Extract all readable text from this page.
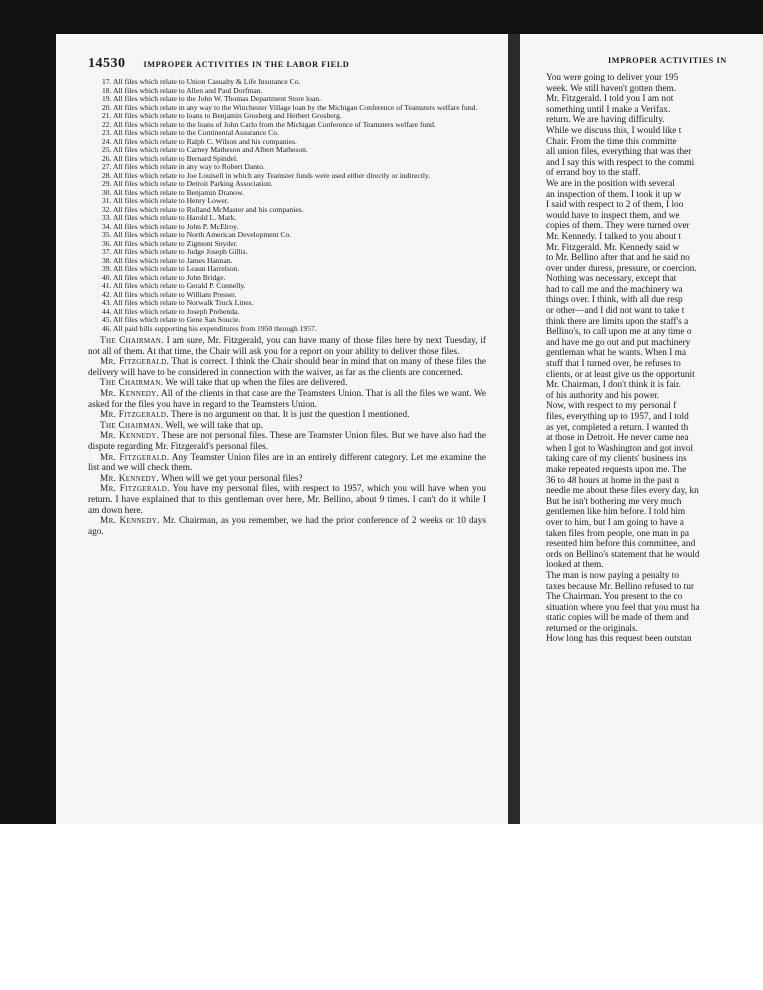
14530 IMPROPER ACTIVITIES IN THE LABOR FIELD
17. All files which relate to Union Casualty & Life Insurance Co.
18. All files which relate to Allen and Paul Dorfman.
19. All files which relate to the John W. Thomas Department Store loan.
20. All files which relate in any way to the Winchester Village loan by the Michigan Conference of Teamsters welfare fund.
21. All files which relate to loans to Benjamin Grosberg and Herbert Grosberg.
22. All files which relate to the loans of John Carlo from the Michigan Conference of Teamsters welfare fund.
23. All files which relate to the Continental Assurance Co.
24. All files which relate to Ralph C. Wilson and his companies.
25. All files which relate to Carney Matheson and Albert Matheson.
26. All files which relate to Bernard Spindel.
27. All files which relate in any way to Robert Danto.
28. All files which relate to Joe Louisell in which any Teamster funds were used either directly or indirectly.
29. All files which relate to Detroit Parking Association.
30. All files which relate to Benjamin Dranow.
31. All files which relate to Henry Lower.
32. All files which relate to Rolland McMaster and his companies.
33. All files which relate to Harold L. Mark.
34. All files which relate to John P. McElroy.
35. All files which relate to North American Development Co.
36. All files which relate to Zigmont Snyder.
37. All files which relate to Judge Joseph Gillis.
38. All files which relate to James Hannan.
39. All files which relate to Leaun Harrelson.
40. All files which relate to John Bridge.
41. All files which relate to Gerald P. Connelly.
42. All files which relate to William Presser.
43. All files which relate to Norwalk Truck Lines.
44. All files which relate to Joseph Prebenda.
45. All files which relate to Gene San Soucie.
46. All paid bills supporting his expenditures from 1950 through 1957.

The Chairman. I am sure, Mr. Fitzgerald, you can have many of those files here by next Tuesday, if not all of them. At that time, the Chair will ask you for a report on your ability to deliver those files.

Mr. Fitzgerald. That is correct. I think the Chair should bear in mind that on many of these files the delivery will have to be considered in connection with the waiver, as far as the clients are concerned.

The Chairman. We will take that up when the files are delivered.

Mr. Kennedy. All of the clients in that case are the Teamsters Union. That is all the files we want. We asked for the files you have in regard to the Teamsters Union.

Mr. Fitzgerald. There is no argument on that. It is just the question I mentioned.

The Chairman. Well, we will take that up.

Mr. Kennedy. These are not personal files. These are Teamster Union files. But we have also had the dispute regarding Mr. Fitzgerald's personal files.

Mr. Fitzgerald. Any Teamster Union files are in an entirely different category. Let me examine the list and we will check them.

Mr. Kennedy. When will we get your personal files?

Mr. Fitzgerald. You have my personal files, with respect to 1957, which you will have when you return. I have explained that to this gentleman over here, Mr. Bellino, about 9 times. I can't do it while I am down here.

Mr. Kennedy. Mr. Chairman, as you remember, we had the prior conference of 2 weeks or 10 days ago.

IMPROPER ACTIVITIES IN
You were going to deliver your 195
week. We still haven't gotten them.
Mr. Fitzgerald. I told you I am not
something until I make a Verifax.
return. We are having difficulty.
While we discuss this, I would like t
Chair. From the time this committe
all union files, everything that was ther
and I say this with respect to the commi
of errand boy to the staff.
We are in the position with several
an inspection of them. I took it up w
I said with respect to 2 of them, I loo
would have to inspect them, and we
copies of them. They were turned over
Mr. Kennedy. I talked to you about t
Mr. Fitzgerald. Mr. Kennedy said w
to Mr. Bellino after that and he said no
over under duress, pressure, or coercion.
Nothing was necessary, except that
had to call me and the machinery wa
things over. I think, with all due resp
or other—and I did not want to take t
think there are limits upon the staff's a
Bellino's, to call upon me at any time o
and have me go out and put machinery
gentleman what he wants. When I ma
stuff that I turned over, he refuses to
clients, or at least give us the opportunit
Mr. Chairman, I don't think it is fair.
of his authority and his power.
Now, with respect to my personal f
files, everything up to 1957, and I told
as yet, completed a return. I wanted th
at those in Detroit. He never came nea
when I got to Washington and got invol
taking care of my clients' business ins
make repeated requests upon me. The
36 to 48 hours at home in the past n
needle me about these files every day, kn
But he isn't bothering me very much
gentlemen like him before. I told him
over to him, but I am going to have a
taken files from people, one man in pa
resented him before this committee, and
ords on Bellino's statement that he would
looked at them.
The man is now paying a penalty to
taxes because Mr. Bellino refused to tur
The Chairman. You present to the co
situation where you feel that you must ha
static copies will be made of them and
returned or the originals.
How long has this request been outstan
